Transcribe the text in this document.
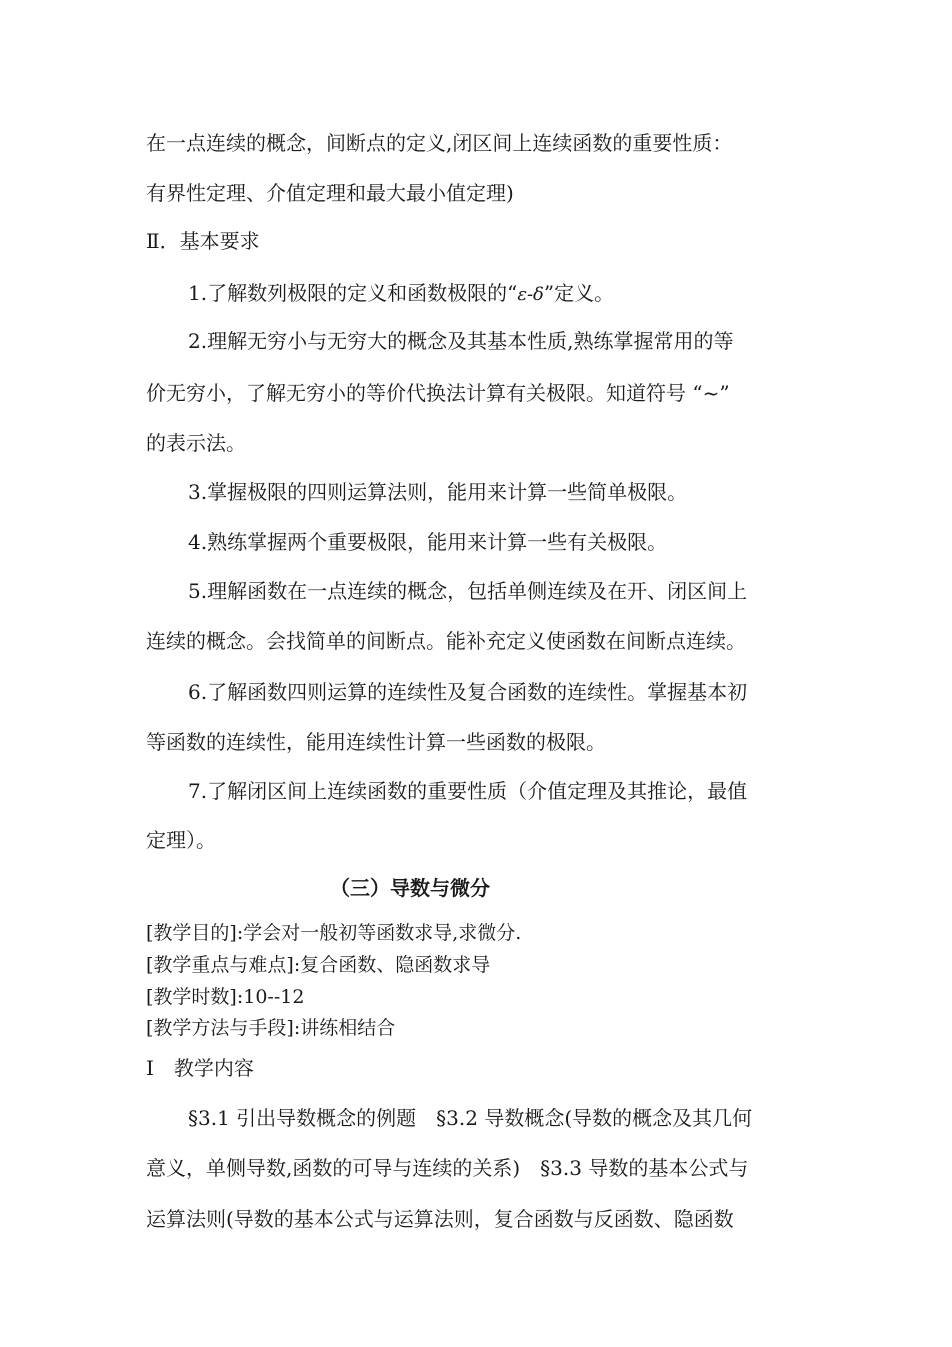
在一点连续的概念，间断点的定义,闭区间上连续函数的重要性质：
有界性定理、介值定理和最大最小值定理)
Ⅱ．基本要求
1.了解数列极限的定义和函数极限的“ε-δ”定义。
2.理解无穷小与无穷大的概念及其基本性质,熟练掌握常用的等
价无穷小，了解无穷小的等价代换法计算有关极限。知道符号 “~”
的表示法。
3.掌握极限的四则运算法则，能用来计算一些简单极限。
4.熟练掌握两个重要极限，能用来计算一些有关极限。
5.理解函数在一点连续的概念，包括单侧连续及在开、闭区间上
连续的概念。会找简单的间断点。能补充定义使函数在间断点连续。
6.了解函数四则运算的连续性及复合函数的连续性。掌握基本初
等函数的连续性，能用连续性计算一些函数的极限。
7.了解闭区间上连续函数的重要性质（介值定理及其推论，最值
定理）。
（三）导数与微分
[教学目的]:学会对一般初等函数求导,求微分.
[教学重点与难点]:复合函数、隐函数求导
[教学时数]:10--12
[教学方法与手段]:讲练相结合
I　教学内容
§3.1 引出导数概念的例题　§3.2 导数概念(导数的概念及其几何
意义，单侧导数,函数的可导与连续的关系)　§3.3 导数的基本公式与
运算法则(导数的基本公式与运算法则，复合函数与反函数、隐函数
